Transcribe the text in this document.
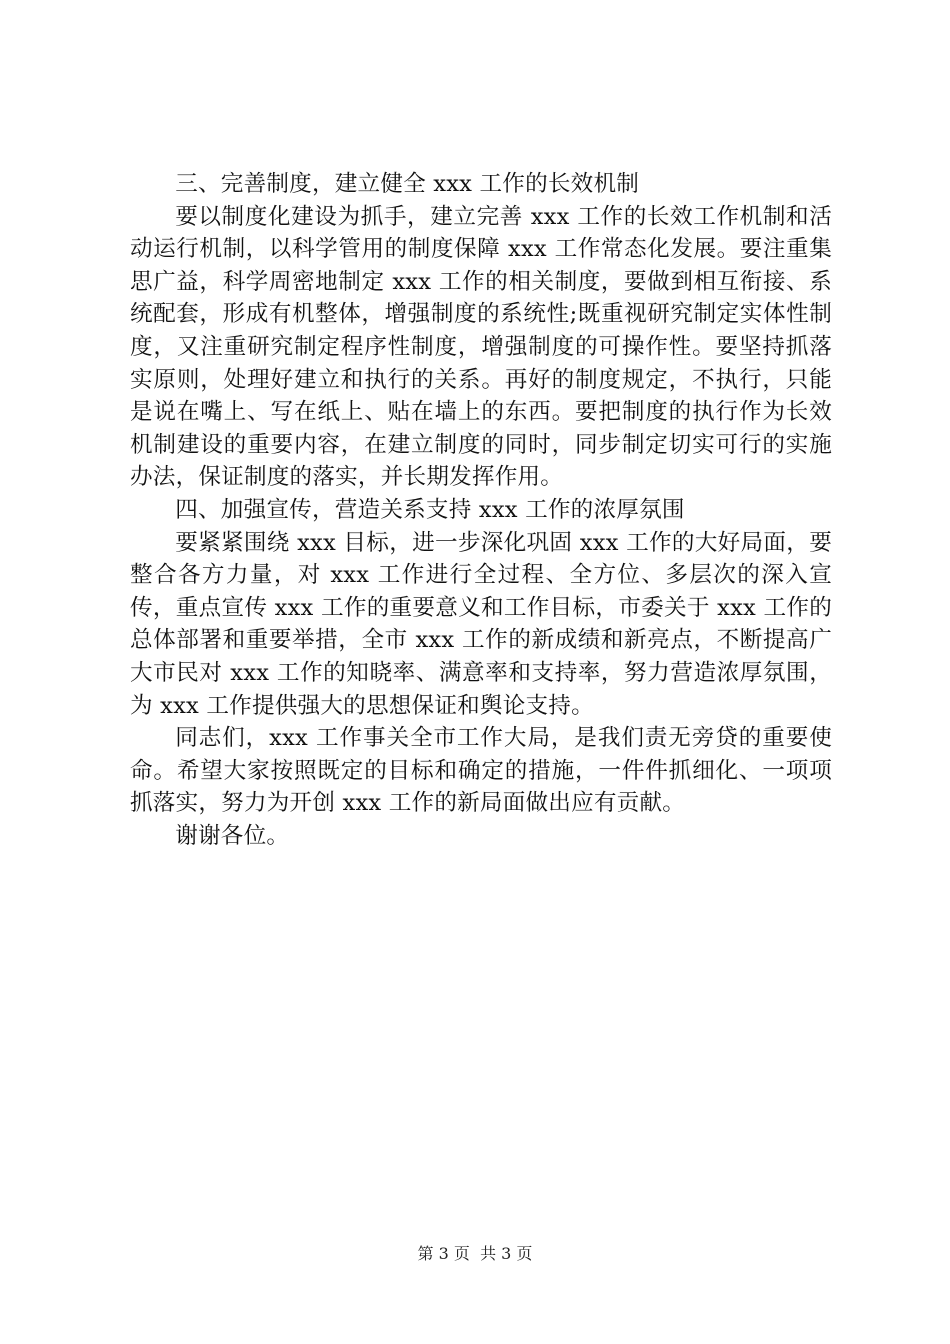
三、完善制度，建立健全 xxx 工作的长效机制

要以制度化建设为抓手，建立完善 xxx 工作的长效工作机制和活动运行机制，以科学管用的制度保障 xxx 工作常态化发展。要注重集思广益，科学周密地制定 xxx 工作的相关制度，要做到相互衔接、系统配套，形成有机整体，增强制度的系统性;既重视研究制定实体性制度，又注重研究制定程序性制度，增强制度的可操作性。要坚持抓落实原则，处理好建立和执行的关系。再好的制度规定，不执行，只能是说在嘴上、写在纸上、贴在墙上的东西。要把制度的执行作为长效机制建设的重要内容，在建立制度的同时，同步制定切实可行的实施办法，保证制度的落实，并长期发挥作用。

四、加强宣传，营造关系支持 xxx 工作的浓厚氛围

要紧紧围绕 xxx 目标，进一步深化巩固 xxx 工作的大好局面，要整合各方力量，对 xxx 工作进行全过程、全方位、多层次的深入宣传，重点宣传 xxx 工作的重要意义和工作目标，市委关于 xxx 工作的总体部署和重要举措，全市 xxx 工作的新成绩和新亮点，不断提高广大市民对 xxx 工作的知晓率、满意率和支持率，努力营造浓厚氛围，为 xxx 工作提供强大的思想保证和舆论支持。

同志们，xxx 工作事关全市工作大局，是我们责无旁贷的重要使命。希望大家按照既定的目标和确定的措施，一件件抓细化、一项项抓落实，努力为开创 xxx 工作的新局面做出应有贡献。

谢谢各位。

第 3 页  共 3 页
